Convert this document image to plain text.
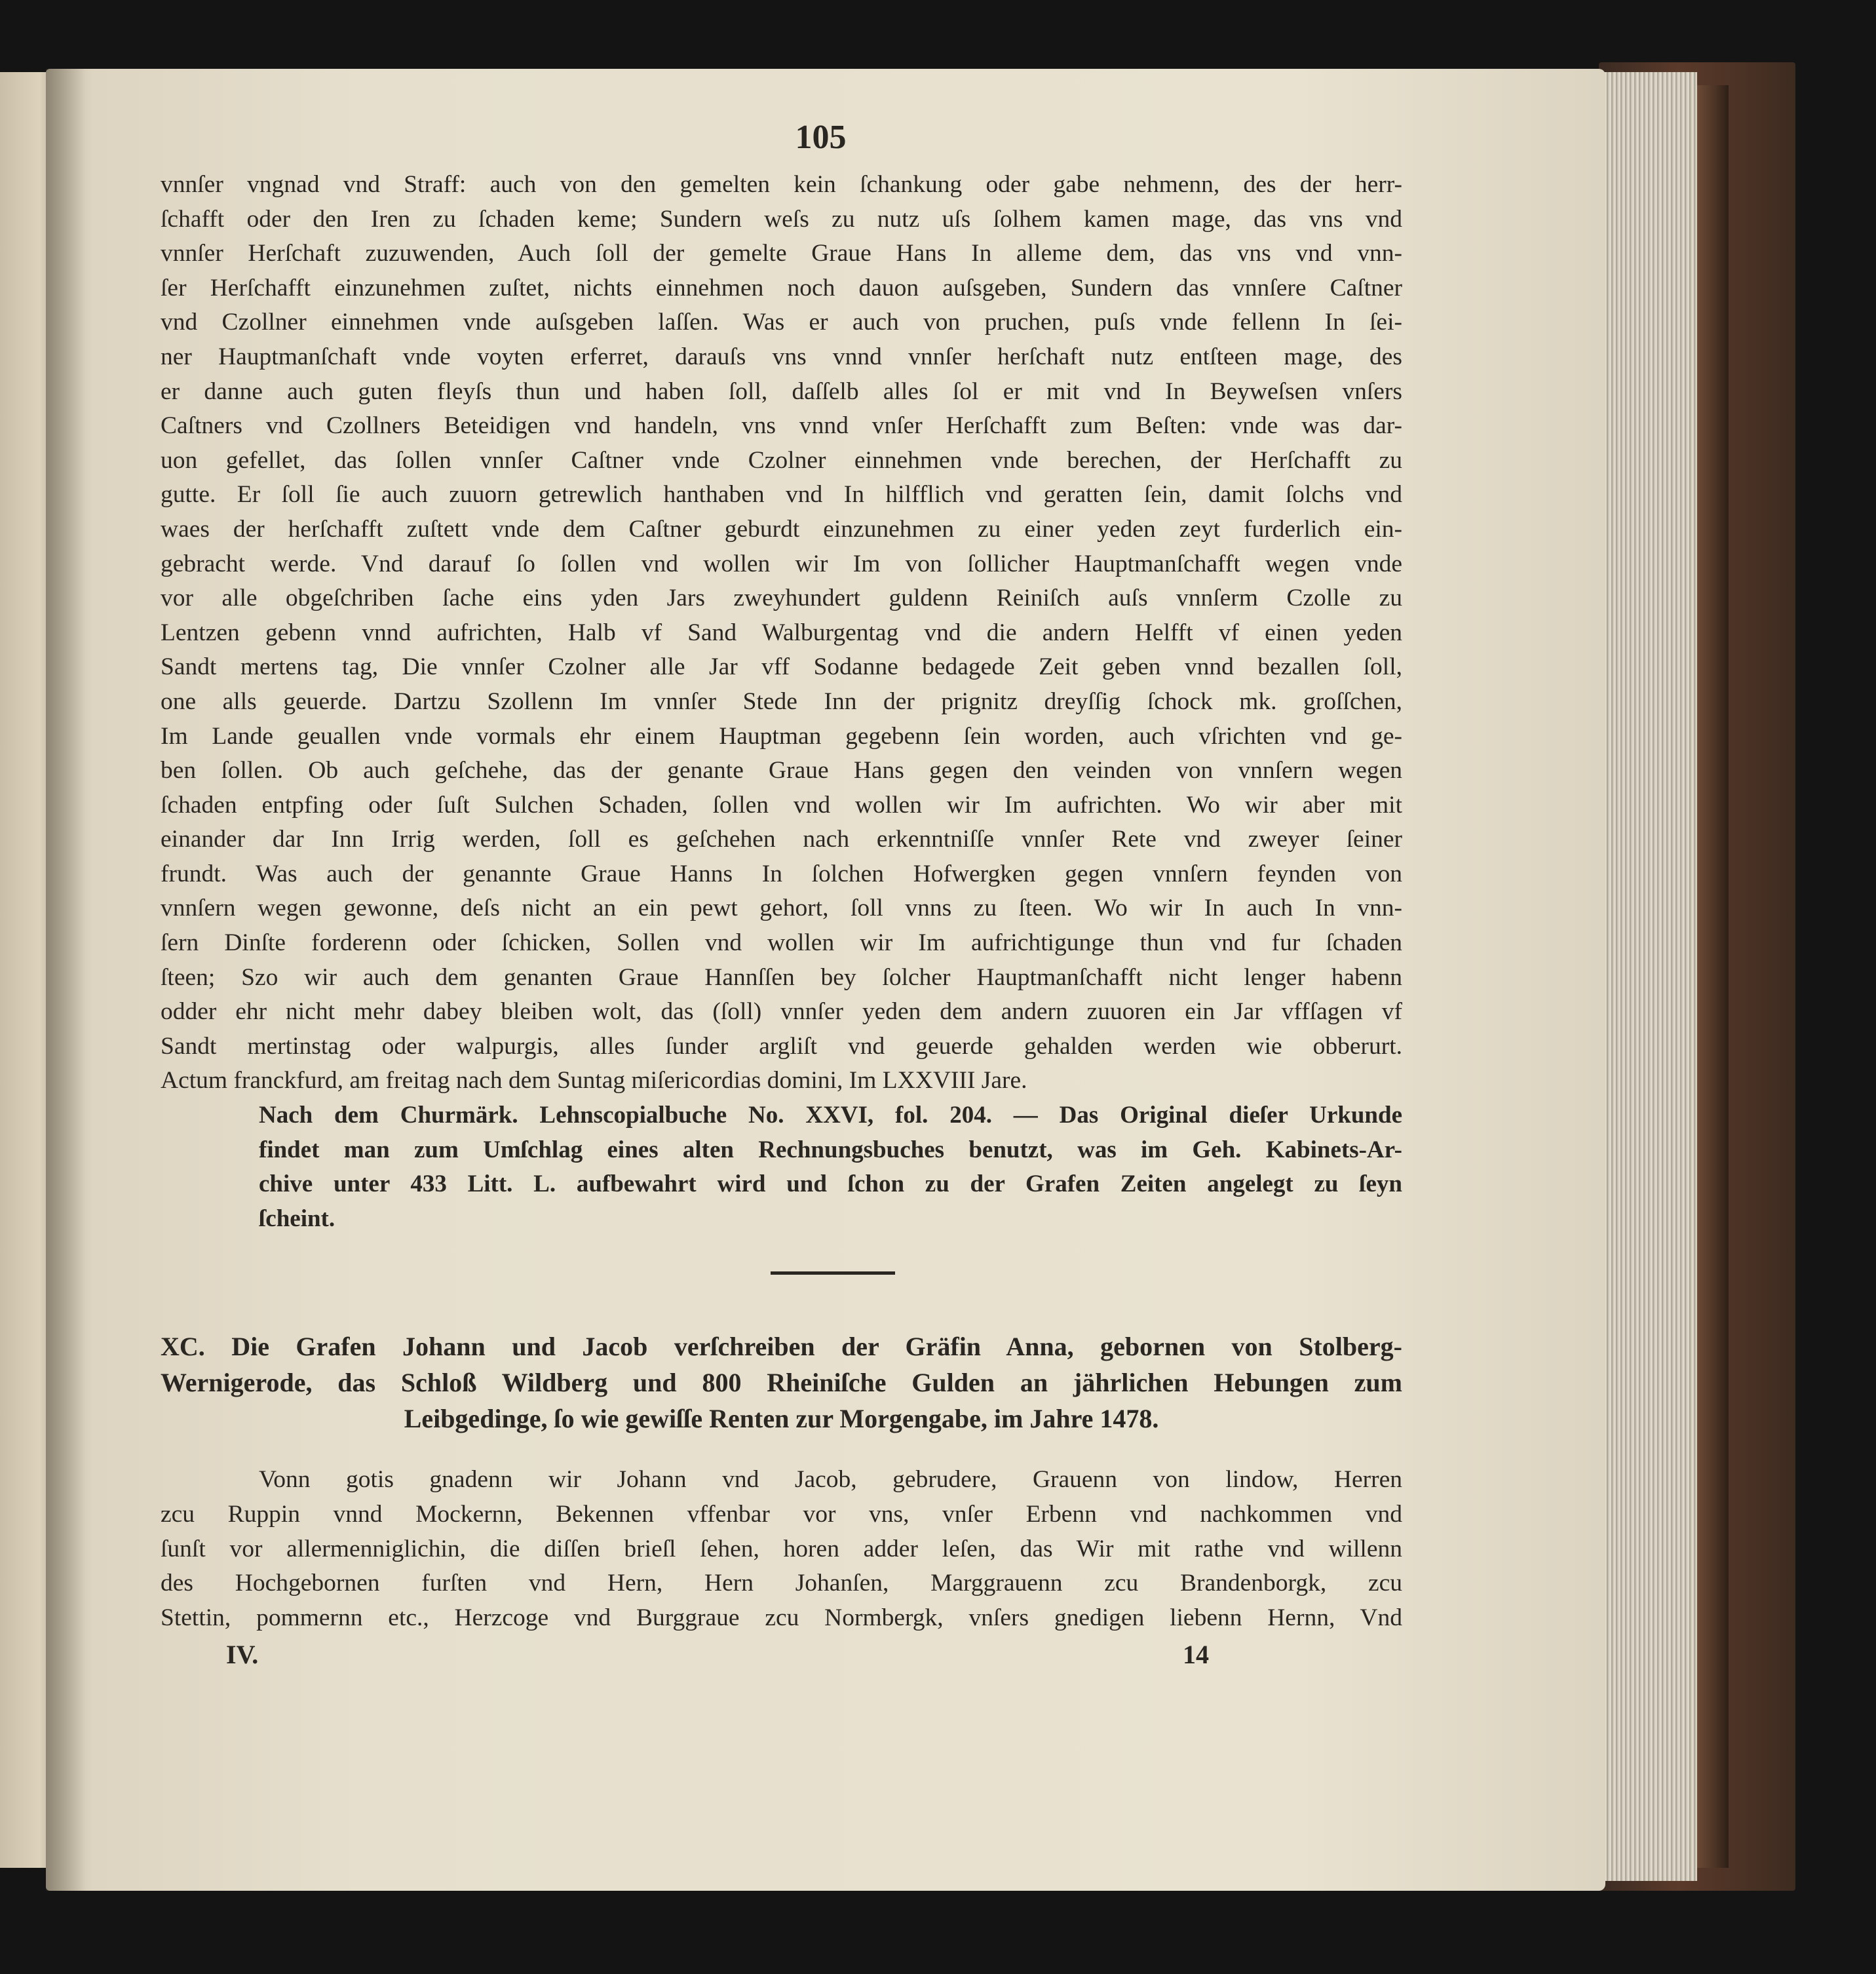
105
vnnſer vngnad vnd Straff: auch von den gemelten kein ſchankung oder gabe nehmenn, des der herr-
ſchafft oder den Iren zu ſchaden keme; Sundern weſs zu nutz uſs ſolhem kamen mage, das vns vnd
vnnſer Herſchaft zuzuwenden, Auch ſoll der gemelte Graue Hans In alleme dem, das vns vnd vnn-
ſer Herſchafft einzunehmen zuſtet, nichts einnehmen noch dauon auſsgeben, Sundern das vnnſere Caſtner
vnd Czollner einnehmen vnde auſsgeben laſſen. Was er auch von pruchen, puſs vnde fellenn In ſei-
ner Hauptmanſchaft vnde voyten erferret, darauſs vns vnnd vnnſer herſchaft nutz entſteen mage, des
er danne auch guten fleyſs thun und haben ſoll, daſſelb alles ſol er mit vnd In Beyweſsen vnſers
Caſtners vnd Czollners Beteidigen vnd handeln, vns vnnd vnſer Herſchafft zum Beſten: vnde was dar-
uon gefellet, das ſollen vnnſer Caſtner vnde Czolner einnehmen vnde berechen, der Herſchafft zu
gutte. Er ſoll ſie auch zuuorn getrewlich hanthaben vnd In hilfflich vnd geratten ſein, damit ſolchs vnd
waes der herſchafft zuſtett vnde dem Caſtner geburdt einzunehmen zu einer yeden zeyt furderlich ein-
gebracht werde. Vnd darauf ſo ſollen vnd wollen wir Im von ſollicher Hauptmanſchafft wegen vnde
vor alle obgeſchriben ſache eins yden Jars zweyhundert guldenn Reiniſch auſs vnnſerm Czolle zu
Lentzen gebenn vnnd aufrichten, Halb vf Sand Walburgentag vnd die andern Helfft vf einen yeden
Sandt mertens tag, Die vnnſer Czolner alle Jar vff Sodanne bedagede Zeit geben vnnd bezallen ſoll,
one alls geuerde. Dartzu Szollenn Im vnnſer Stede Inn der prignitz dreyſſig ſchock mk. groſſchen,
Im Lande geuallen vnde vormals ehr einem Hauptman gegebenn ſein worden, auch vſrichten vnd ge-
ben ſollen. Ob auch geſchehe, das der genante Graue Hans gegen den veinden von vnnſern wegen
ſchaden entpfing oder ſuſt Sulchen Schaden, ſollen vnd wollen wir Im aufrichten. Wo wir aber mit
einander dar Inn Irrig werden, ſoll es geſchehen nach erkenntniſſe vnnſer Rete vnd zweyer ſeiner
frundt. Was auch der genannte Graue Hanns In ſolchen Hofwergken gegen vnnſern feynden von
vnnſern wegen gewonne, deſs nicht an ein pewt gehort, ſoll vnns zu ſteen. Wo wir In auch In vnn-
ſern Dinſte forderenn oder ſchicken, Sollen vnd wollen wir Im aufrichtigunge thun vnd fur ſchaden
ſteen; Szo wir auch dem genanten Graue Hannſſen bey ſolcher Hauptmanſchafft nicht lenger habenn
odder ehr nicht mehr dabey bleiben wolt, das (ſoll) vnnſer yeden dem andern zuuoren ein Jar vffſagen vf
Sandt mertinstag oder walpurgis, alles ſunder argliſt vnd geuerde gehalden werden wie obberurt.
Actum franckfurd, am freitag nach dem Suntag miſericordias domini, Im LXXVIII Jare.
Nach dem Churmärk. Lehnscopialbuche No. XXVI, fol. 204. — Das Original dieſer Urkunde
findet man zum Umſchlag eines alten Rechnungsbuches benutzt, was im Geh. Kabinets-Ar-
chive unter 433 Litt. L. aufbewahrt wird und ſchon zu der Grafen Zeiten angelegt zu ſeyn
ſcheint.
XC. Die Grafen Johann und Jacob verſchreiben der Gräfin Anna, gebornen von Stolberg-
Wernigerode, das Schloß Wildberg und 800 Rheiniſche Gulden an jährlichen Hebungen zum
Leibgedinge, ſo wie gewiſſe Renten zur Morgengabe, im Jahre 1478.
Vonn gotis gnadenn wir Johann vnd Jacob, gebrudere, Grauenn von lindow, Herren
zcu Ruppin vnnd Mockernn, Bekennen vffenbar vor vns, vnſer Erbenn vnd nachkommen vnd
ſunſt vor allermenniglichin, die diſſen brieſl ſehen, horen adder leſen, das Wir mit rathe vnd willenn
des Hochgebornen furſten vnd Hern, Hern Johanſen, Marggrauenn zcu Brandenborgk, zcu
Stettin, pommernn etc., Herzcoge vnd Burggraue zcu Normbergk, vnſers gnedigen liebenn Hernn, Vnd
IV.	14
